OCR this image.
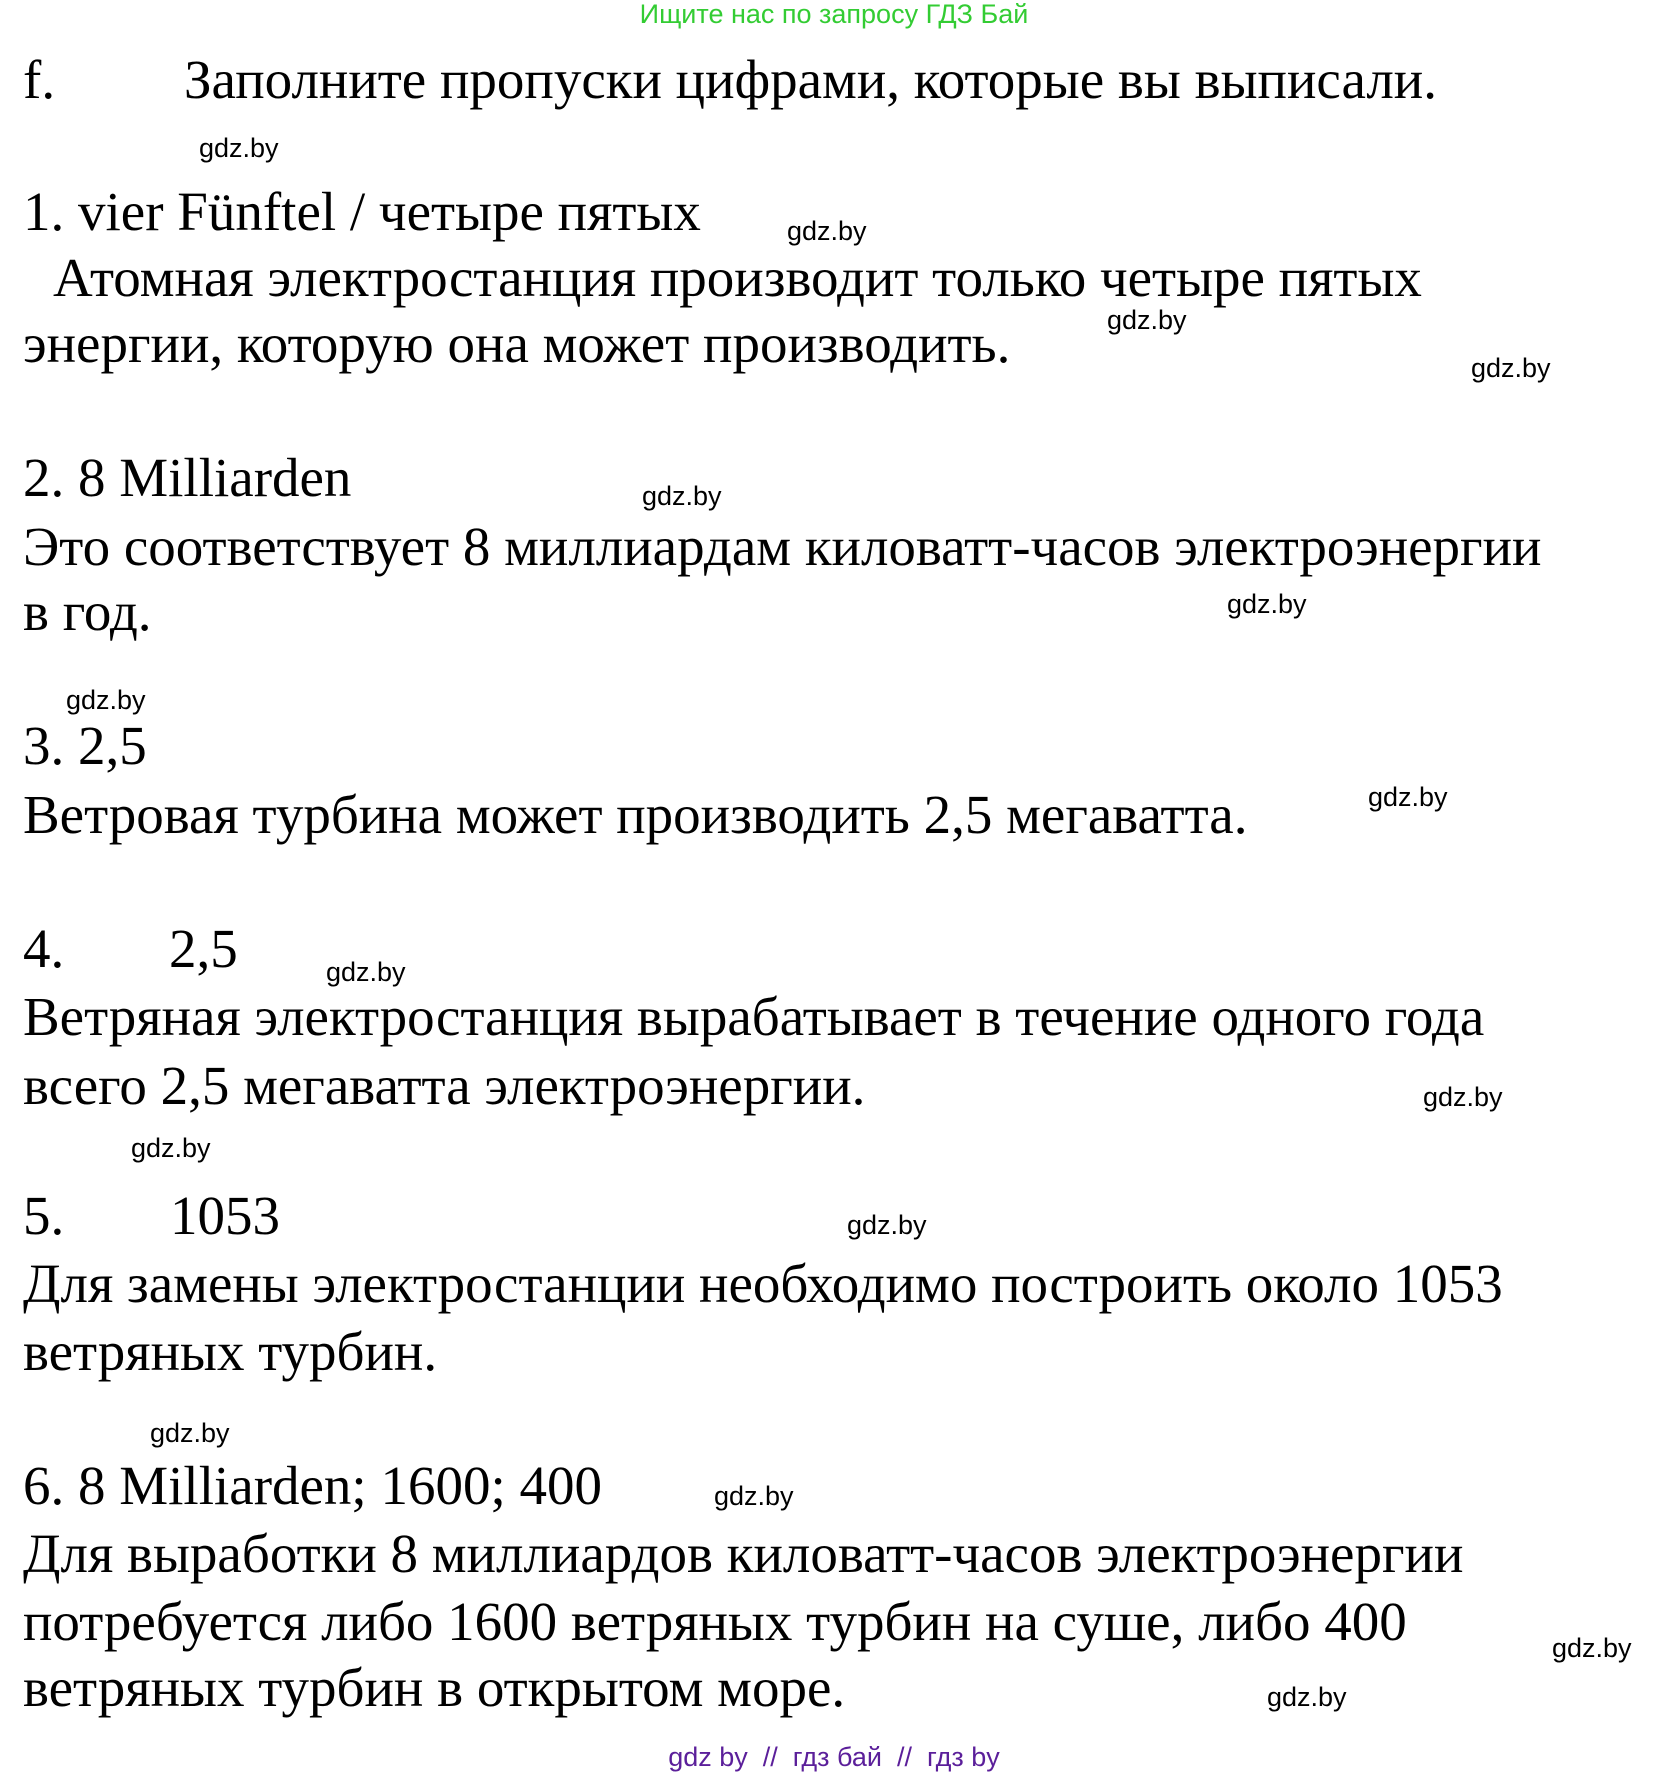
Ищите нас по запросу ГДЗ Бай
f. Заполните пропуски цифрами, которые вы выписали.
1. vier Fünftel / четыре пятых
Атомная электростанция производит только четыре пятых
энергии, которую она может производить.
2. 8 Milliarden
Это соответствует 8 миллиардам киловатт-часов электроэнергии
в год.
3. 2,5
Ветровая турбина может производить 2,5 мегаватта.
4. 2,5
Ветряная электростанция вырабатывает в течение одного года
всего 2,5 мегаватта электроэнергии.
5. 1053
Для замены электростанции необходимо построить около 1053
ветряных турбин.
6. 8 Milliarden; 1600; 400
Для выработки 8 миллиардов киловатт-часов электроэнергии
потребуется либо 1600 ветряных турбин на суше, либо 400
ветряных турбин в открытом море.
gdz.by
gdz.by
gdz.by
gdz.by
gdz.by
gdz.by
gdz.by
gdz.by
gdz.by
gdz.by
gdz.by
gdz.by
gdz.by
gdz.by
gdz.by
gdz.by
gdz by  //  гдз бай  //  гдз by
